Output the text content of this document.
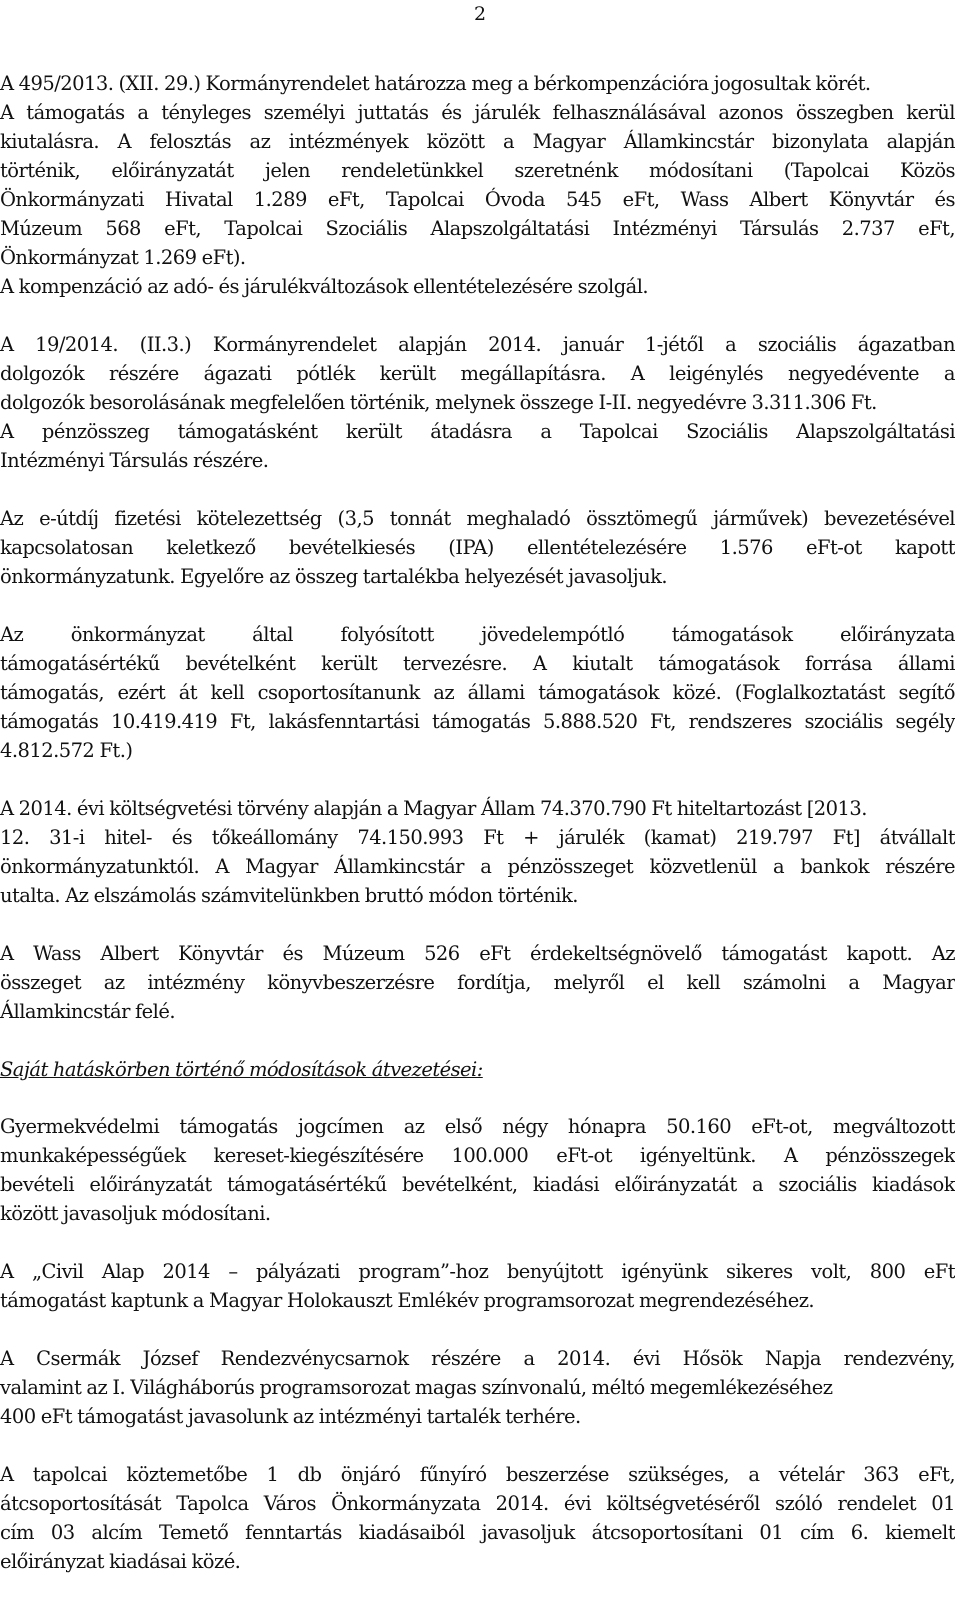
2
A 495/2013. (XII. 29.) Kormányrendelet határozza meg a bérkompenzációra jogosultak körét.
A támogatás a tényleges személyi juttatás és járulék felhasználásával azonos összegben kerül
kiutalásra. A felosztás az intézmények között a Magyar Államkincstár bizonylata alapján
történik, előirányzatát jelen rendeletünkkel szeretnénk módosítani (Tapolcai Közös
Önkormányzati Hivatal 1.289 eFt, Tapolcai Óvoda 545 eFt, Wass Albert Könyvtár és
Múzeum 568 eFt, Tapolcai Szociális Alapszolgáltatási Intézményi Társulás 2.737 eFt,
Önkormányzat 1.269 eFt).
A kompenzáció az adó- és járulékváltozások ellentételezésére szolgál.
A 19/2014. (II.3.) Kormányrendelet alapján 2014. január 1-jétől a szociális ágazatban
dolgozók részére ágazati pótlék került megállapításra. A leigénylés negyedévente a
dolgozók besorolásának megfelelően történik, melynek összege I-II. negyedévre 3.311.306 Ft.
A pénzösszeg támogatásként került átadásra a Tapolcai Szociális Alapszolgáltatási
Intézményi Társulás részére.
Az e-útdíj fizetési kötelezettség (3,5 tonnát meghaladó össztömegű járművek) bevezetésével
kapcsolatosan keletkező bevételkiesés (IPA) ellentételezésére 1.576 eFt-ot kapott
önkormányzatunk. Egyelőre az összeg tartalékba helyezését javasoljuk.
Az önkormányzat által folyósított jövedelempótló támogatások előirányzata
támogatásértékű bevételként került tervezésre. A kiutalt támogatások forrása állami
támogatás, ezért át kell csoportosítanunk az állami támogatások közé. (Foglalkoztatást segítő
támogatás 10.419.419 Ft, lakásfenntartási támogatás 5.888.520 Ft, rendszeres szociális segély
4.812.572 Ft.)
A 2014. évi költségvetési törvény alapján a Magyar Állam 74.370.790 Ft hiteltartozást [2013.
12. 31-i hitel- és tőkeállomány 74.150.993 Ft + járulék (kamat) 219.797 Ft] átvállalt
önkormányzatunktól. A Magyar Államkincstár a pénzösszeget közvetlenül a bankok részére
utalta. Az elszámolás számvitelünkben bruttó módon történik.
A Wass Albert Könyvtár és Múzeum 526 eFt érdekeltségnövelő támogatást kapott. Az
összeget az intézmény könyvbeszerzésre fordítja, melyről el kell számolni a Magyar
Államkincstár felé.
Saját hatáskörben történő módosítások átvezetései:
Gyermekvédelmi támogatás jogcímen az első négy hónapra 50.160 eFt-ot, megváltozott
munkaképességűek kereset-kiegészítésére 100.000 eFt-ot igényeltünk. A pénzösszegek
bevételi előirányzatát támogatásértékű bevételként, kiadási előirányzatát a szociális kiadások
között javasoljuk módosítani.
A „Civil Alap 2014 – pályázati program”-hoz benyújtott igényünk sikeres volt, 800 eFt
támogatást kaptunk a Magyar Holokauszt Emlékév programsorozat megrendezéséhez.
A Csermák József Rendezvénycsarnok részére a 2014. évi Hősök Napja rendezvény,
valamint az I. Világháborús programsorozat magas színvonalú, méltó megemlékezéséhez
400 eFt támogatást javasolunk az intézményi tartalék terhére.
A tapolcai köztemetőbe 1 db önjáró fűnyíró beszerzése szükséges, a vételár 363 eFt,
átcsoportosítását Tapolca Város Önkormányzata 2014. évi költségvetéséről szóló rendelet 01
cím 03 alcím Temető fenntartás kiadásaiból javasoljuk átcsoportosítani 01 cím 6. kiemelt
előirányzat kiadásai közé.
